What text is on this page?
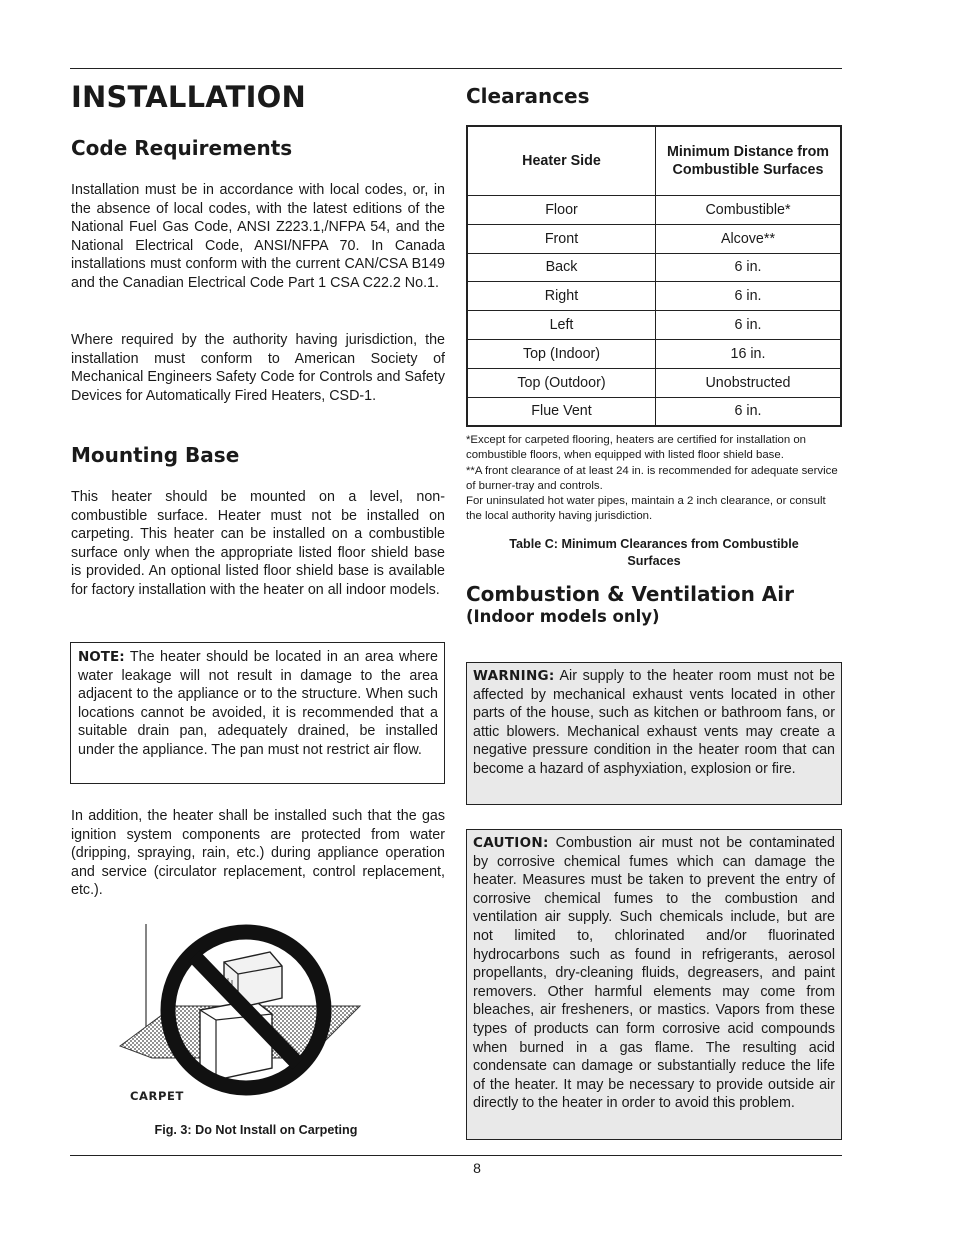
INSTALLATION
Code Requirements

Installation must be in accordance with local codes, or, in the absence of local codes, with the latest editions of the National Fuel Gas Code, ANSI Z223.1,/NFPA 54, and the National Electrical Code, ANSI/NFPA 70. In Canada installations must conform with the current CAN/CSA B149 and the Canadian Electrical Code Part 1 CSA C22.2 No.1.

Where required by the authority having jurisdiction, the installation must conform to American Society of Mechanical Engineers Safety Code for Controls and Safety Devices for Automatically Fired Heaters, CSD-1.

Mounting Base

This heater should be mounted on a level, non-combustible surface. Heater must not be installed on carpeting. This heater can be installed on a combustible surface only when the appropriate listed floor shield base is provided. An optional listed floor shield base is available for factory installation with the heater on all indoor models.

NOTE: The heater should be located in an area where water leakage will not result in damage to the area adjacent to the appliance or to the structure. When such locations cannot be avoided, it is recommended that a suitable drain pan, adequately drained, be installed under the appliance. The pan must not restrict air flow.

In addition, the heater shall be installed such that the gas ignition system components are protected from water (dripping, spraying, rain, etc.) during appliance operation and service (circulator replacement, control replacement, etc.).

Fig. 3: Do Not Install on Carpeting
CARPET
Clearances
Heater Side	Minimum Distance from Combustible Surfaces
Floor	Combustible*
Front	Alcove**
Back	6 in.
Right	6 in.
Left	6 in.
Top (Indoor)	16 in.
Top (Outdoor)	Unobstructed
Flue Vent	6 in.
*Except for carpeted flooring, heaters are certified for installation on combustible floors, when equipped with listed floor shield base.
**A front clearance of at least 24 in. is recommended for adequate service of burner-tray and controls.
For uninsulated hot water pipes, maintain a 2 inch clearance, or consult the local authority having jurisdiction.
Table C: Minimum Clearances from Combustible Surfaces
Combustion & Ventilation Air
(Indoor models only)
WARNING: Air supply to the heater room must not be affected by mechanical exhaust vents located in other parts of the house, such as kitchen or bathroom fans, or attic blowers. Mechanical exhaust vents may create a negative pressure condition in the heater room that can become a hazard of asphyxiation, explosion or fire.
CAUTION: Combustion air must not be contaminated by corrosive chemical fumes which can damage the heater. Measures must be taken to prevent the entry of corrosive chemical fumes to the combustion and ventilation air supply. Such chemicals include, but are not limited to, chlorinated and/or fluorinated hydrocarbons such as found in refrigerants, aerosol propellants, dry-cleaning fluids, degreasers, and paint removers. Other harmful elements may come from bleaches, air fresheners, or mastics. Vapors from these types of products can form corrosive acid compounds when burned in a gas flame. The resulting acid condensate can damage or substantially reduce the life of the heater. It may be necessary to provide outside air directly to the heater in order to avoid this problem.
8
